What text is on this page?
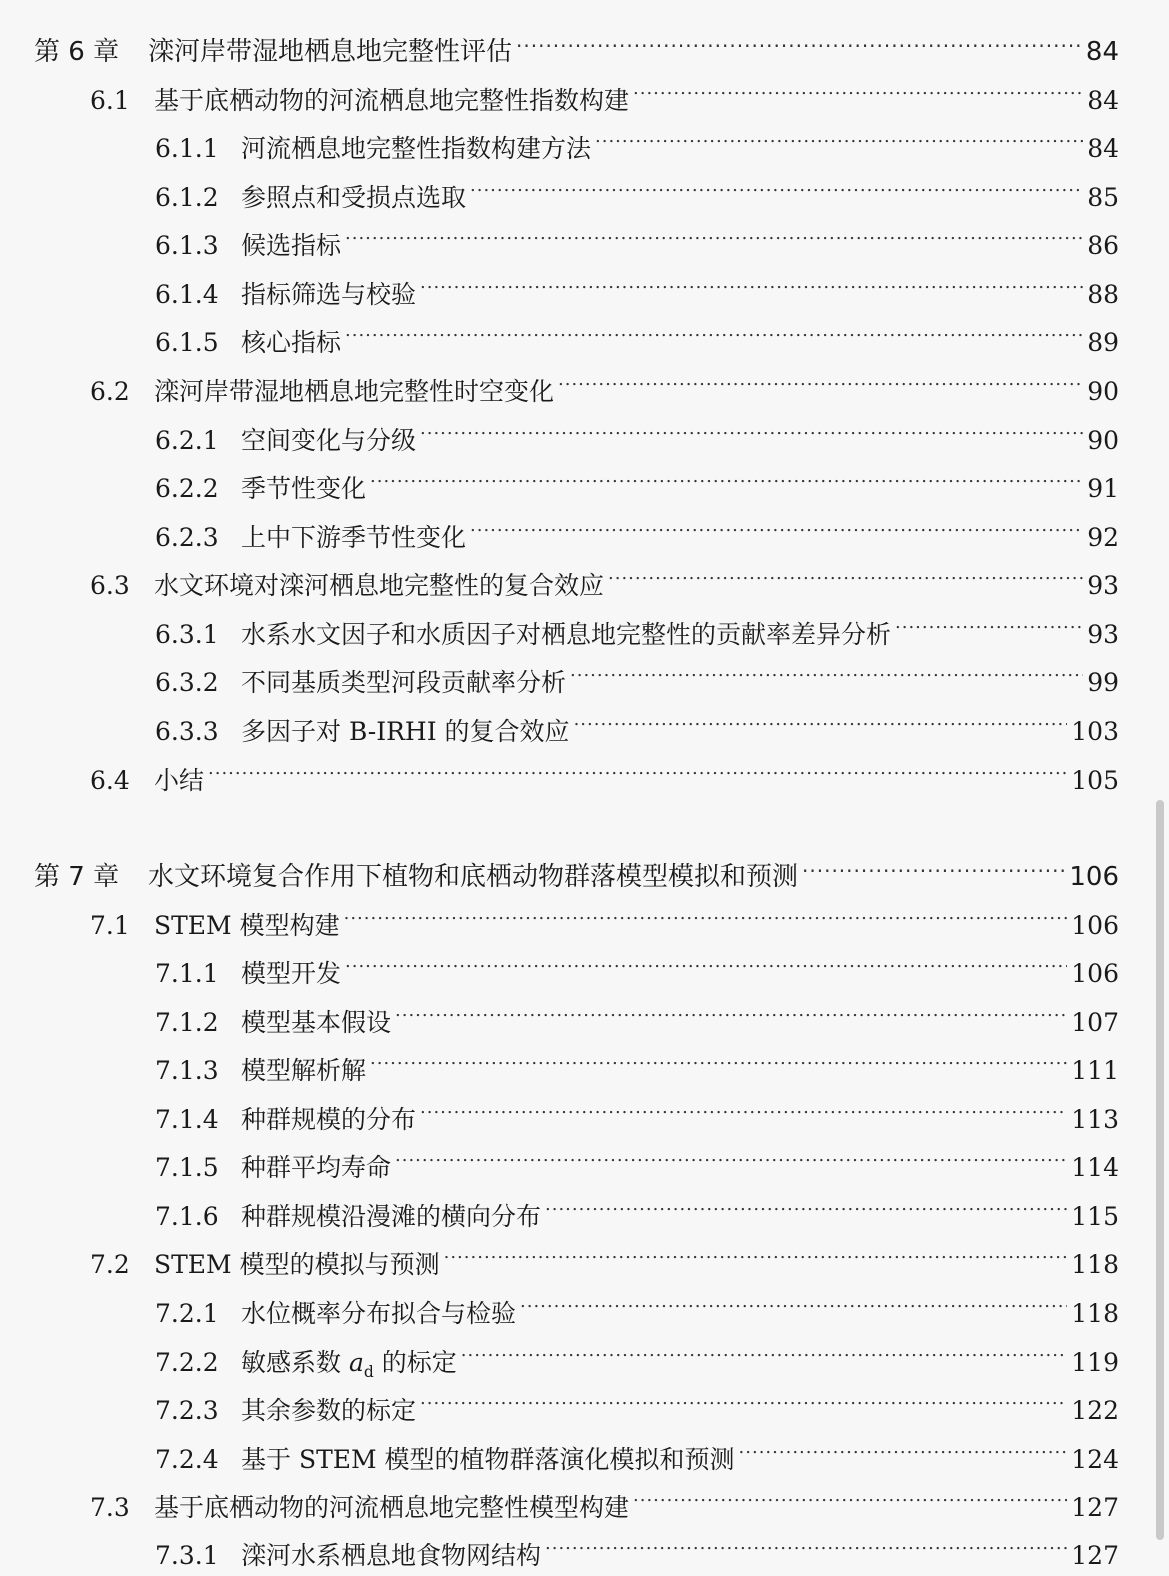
第 6 章	滦河岸带湿地栖息地完整性评估 .....	84
6.1 基于底栖动物的河流栖息地完整性指数构建 .....	84
6.1.1 河流栖息地完整性指数构建方法 .....	84
6.1.2 参照点和受损点选取 .....	85
6.1.3 候选指标 .....	86
6.1.4 指标筛选与校验 .....	88
6.1.5 核心指标 .....	89
6.2 滦河岸带湿地栖息地完整性时空变化 .....	90
6.2.1 空间变化与分级 .....	90
6.2.2 季节性变化 .....	91
6.2.3 上中下游季节性变化 .....	92
6.3 水文环境对滦河栖息地完整性的复合效应 .....	93
6.3.1 水系水文因子和水质因子对栖息地完整性的贡献率差异分析 .....	93
6.3.2 不同基质类型河段贡献率分析 .....	99
6.3.3 多因子对 B-IRHI 的复合效应 .....	103
6.4 小结 .....	105
第 7 章	水文环境复合作用下植物和底栖动物群落模型模拟和预测 .....	106
7.1 STEM 模型构建 .....	106
7.1.1 模型开发 .....	106
7.1.2 模型基本假设 .....	107
7.1.3 模型解析解 .....	111
7.1.4 种群规模的分布 .....	113
7.1.5 种群平均寿命 .....	114
7.1.6 种群规模沿漫滩的横向分布 .....	115
7.2 STEM 模型的模拟与预测 .....	118
7.2.1 水位概率分布拟合与检验 .....	118
7.2.2 敏感系数 $a_d$ 的标定 .....	119
7.2.3 其余参数的标定 .....	122
7.2.4 基于 STEM 模型的植物群落演化模拟和预测 .....	124
7.3 基于底栖动物的河流栖息地完整性模型构建 .....	127
7.3.1 滦河水系栖息地食物网结构 .....	127
